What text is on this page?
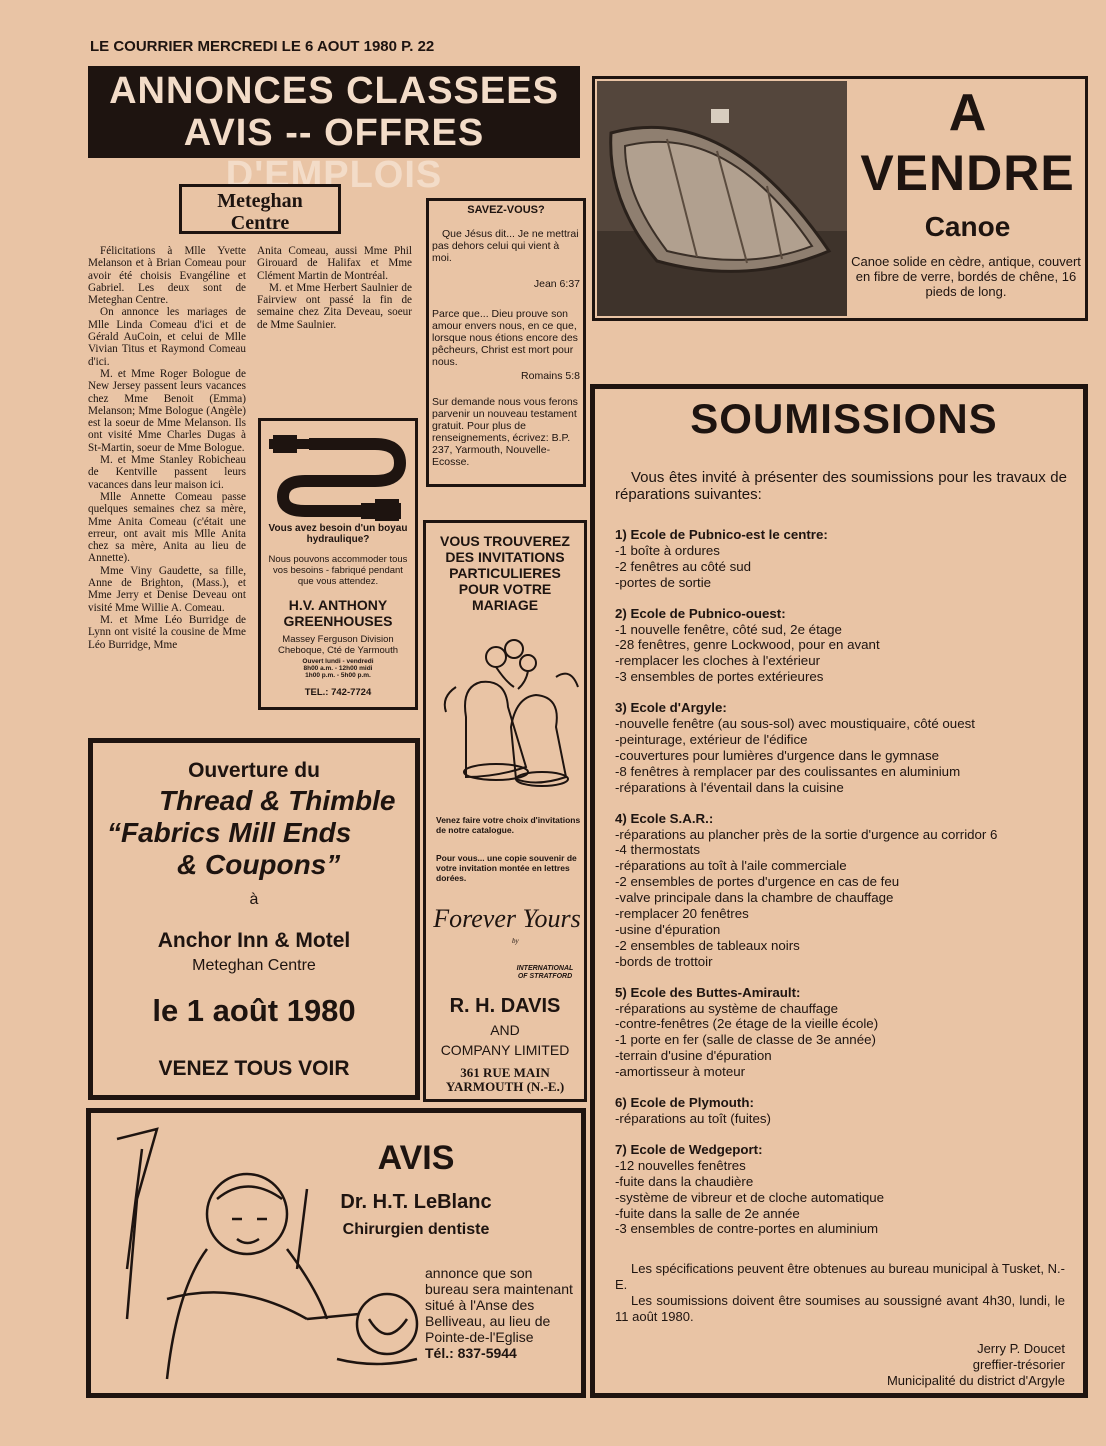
LE COURRIER MERCREDI LE 6 AOUT 1980 P. 22
ANNONCES CLASSEES
AVIS -- OFFRES D'EMPLOIS
Meteghan
Centre

Félicitations à Mlle Yvette Melanson et à Brian Comeau pour avoir été choisis Evangéline et Gabriel. Les deux sont de Meteghan Centre.

On annonce les mariages de Mlle Linda Comeau d'ici et de Gérald AuCoin, et celui de Mlle Vivian Titus et Raymond Comeau d'ici.

M. et Mme Roger Bologue de New Jersey passent leurs vacances chez Mme Benoit (Emma) Melanson; Mme Bologue (Angèle) est la soeur de Mme Melanson. Ils ont visité Mme Charles Dugas à St-Martin, soeur de Mme Bologue.

M. et Mme Stanley Robicheau de Kentville passent leurs vacances dans leur maison ici.

Mlle Annette Comeau passe quelques semaines chez sa mère, Mme Anita Comeau (c'était une erreur, ont avait mis Mlle Anita chez sa mère, Anita au lieu de Annette).

Mme Viny Gaudette, sa fille, Anne de Brighton, (Mass.), et Mme Jerry et Denise Deveau ont visité Mme Willie A. Comeau.

M. et Mme Léo Burridge de Lynn ont visité la cousine de Mme Léo Burridge, Mme

Anita Comeau, aussi Mme Phil Girouard de Halifax et Mme Clément Martin de Montréal.

M. et Mme Herbert Saulnier de Fairview ont passé la fin de semaine chez Zita Deveau, soeur de Mme Saulnier.

SAVEZ-VOUS?

Que Jésus dit... Je ne mettrai pas dehors celui qui vient à moi.

Jean 6:37

Parce que... Dieu prouve son amour envers nous, en ce que, lorsque nous étions encore des pêcheurs, Christ est mort pour nous.

Romains 5:8

Sur demande nous vous ferons parvenir un nouveau testament gratuit. Pour plus de renseignements, écrivez: B.P. 237, Yarmouth, Nouvelle-Ecosse.

A
VENDRE
Canoe
Canoe solide en cèdre, antique, couvert en fibre de verre, bordés de chêne, 16 pieds de long.
Vous avez besoin d'un boyau hydraulique?
Nous pouvons accommoder tous vos besoins - fabriqué pendant que vous attendez.
H.V. ANTHONY
GREENHOUSES
Massey Ferguson Division
Cheboque, Cté de Yarmouth
Ouvert lundi - vendredi
8h00 a.m. - 12h00 midi
1h00 p.m. - 5h00 p.m.
TEL.: 742-7724
VOUS TROUVEREZ
DES INVITATIONS
PARTICULIERES
POUR VOTRE
MARIAGE
Venez faire votre choix d'invitations de notre catalogue.
Pour vous... une copie souvenir de votre invitation montée en lettres dorées.
Forever Yours
by
INTERNATIONAL
OF STRATFORD
R. H. DAVIS
AND
COMPANY LIMITED
361 RUE MAIN
YARMOUTH (N.-E.)
Ouverture du
Thread & Thimble
“Fabrics Mill Ends
& Coupons”
à
Anchor Inn & Motel
Meteghan Centre
le 1 août 1980
VENEZ TOUS VOIR
AVIS
Dr. H.T. LeBlanc
Chirurgien dentiste
annonce que son
bureau sera maintenant
situé à l'Anse des
Belliveau, au lieu de
Pointe-de-l'Eglise
Tél.: 837-5944
SOUMISSIONS
Vous êtes invité à présenter des soumissions pour les travaux de réparations suivantes:
1) Ecole de Pubnico-est le centre:
-1 boîte à ordures
-2 fenêtres au côté sud
-portes de sortie
2) Ecole de Pubnico-ouest:
-1 nouvelle fenêtre, côté sud, 2e étage
-28 fenêtres, genre Lockwood, pour en avant
-remplacer les cloches à l'extérieur
-3 ensembles de portes extérieures
3) Ecole d'Argyle:
-nouvelle fenêtre (au sous-sol) avec moustiquaire, côté ouest
-peinturage, extérieur de l'édifice
-couvertures pour lumières d'urgence dans le gymnase
-8 fenêtres à remplacer par des coulissantes en aluminium
-réparations à l'éventail dans la cuisine
4) Ecole S.A.R.:
-réparations au plancher près de la sortie d'urgence au corridor 6
-4 thermostats
-réparations au toît à l'aile commerciale
-2 ensembles de portes d'urgence en cas de feu
-valve principale dans la chambre de chauffage
-remplacer 20 fenêtres
-usine d'épuration
-2 ensembles de tableaux noirs
-bords de trottoir
5) Ecole des Buttes-Amirault:
-réparations au système de chauffage
-contre-fenêtres (2e étage de la vieille école)
-1 porte en fer (salle de classe de 3e année)
-terrain d'usine d'épuration
-amortisseur à moteur
6) Ecole de Plymouth:
-réparations au toît (fuites)
7) Ecole de Wedgeport:
-12 nouvelles fenêtres
-fuite dans la chaudière
-système de vibreur et de cloche automatique
-fuite dans la salle de 2e année
-3 ensembles de contre-portes en aluminium
Les spécifications peuvent être obtenues au bureau municipal à Tusket, N.-E.
Les soumissions doivent être soumises au soussigné avant 4h30, lundi, le 11 août 1980.
Jerry P. Doucet
greffier-trésorier
Municipalité du district d'Argyle
